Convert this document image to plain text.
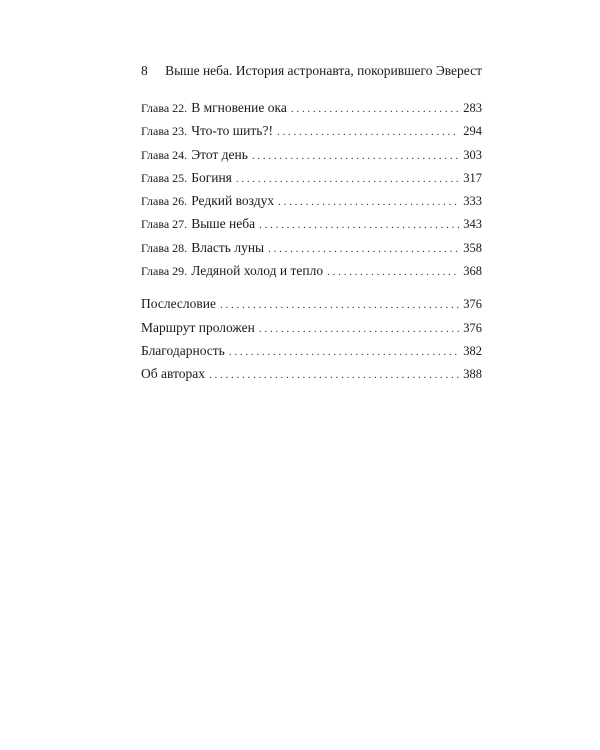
8 Выше неба. История астронавта, покорившего Эверест
Глава 22. В мгновение ока . . .	283
Глава 23. Что-то шить?! . . .	294
Глава 24. Этот день . . .	303
Глава 25. Богиня . . .	317
Глава 26. Редкий воздух . . .	333
Глава 27. Выше неба . . .	343
Глава 28. Власть луны . . .	358
Глава 29. Ледяной холод и тепло . . .	368
Послесловие . . .	376
Маршрут проложен . . .	376
Благодарность . . .	382
Об авторах . . .	388
